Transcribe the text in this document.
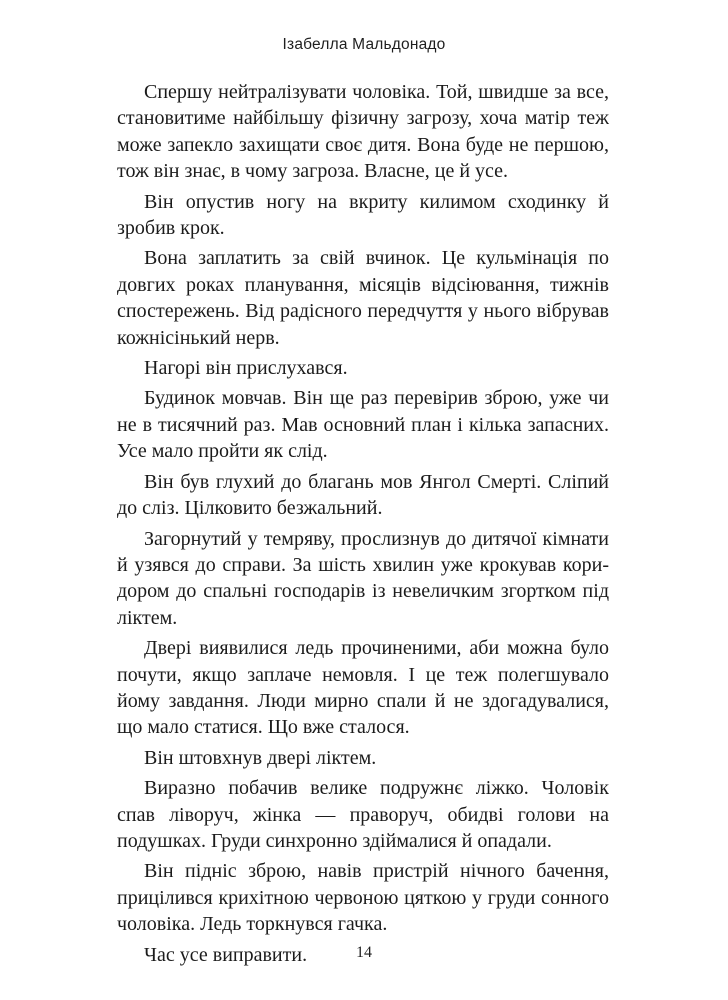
Ізабелла Мальдонадо

Спершу нейтралізувати чоловіка. Той, швидше за все, становитиме найбільшу фізичну загрозу, хоча матір теж може запекло захищати своє дитя. Вона буде не першою, тож він знає, в чому загроза. Власне, це й усе.

Він опустив ногу на вкриту килимом сходинку й зробив крок.

Вона заплатить за свій вчинок. Це кульмінація по довгих роках планування, місяців відсіювання, тижнів спостережень. Від радісного передчуття у нього вібрував кожнісінький нерв.

Нагорі він прислухався.

Будинок мовчав. Він ще раз перевірив зброю, уже чи не в тисячний раз. Мав основний план і кілька запасних. Усе мало пройти як слід.

Він був глухий до благань мов Янгол Смерті. Сліпий до сліз. Цілковито безжальний.

Загорнутий у темряву, прослизнув до дитячої кімнати й узявся до справи. За шість хвилин уже крокував коридором до спальні господарів із невеличким згортком під ліктем.

Двері виявилися ледь прочиненими, аби можна було почути, якщо заплаче немовля. І це теж полегшувало йому завдання. Люди мирно спали й не здогадувалися, що мало статися. Що вже сталося.

Він штовхнув двері ліктем.

Виразно побачив велике подружнє ліжко. Чоловік спав ліворуч, жінка — праворуч, обидві голови на подушках. Груди синхронно здіймалися й опадали.

Він підніс зброю, навів пристрій нічного бачення, прицілився крихітною червоною цяткою у груди сонного чоловіка. Ледь торкнувся гачка.

Час усе виправити.	14
